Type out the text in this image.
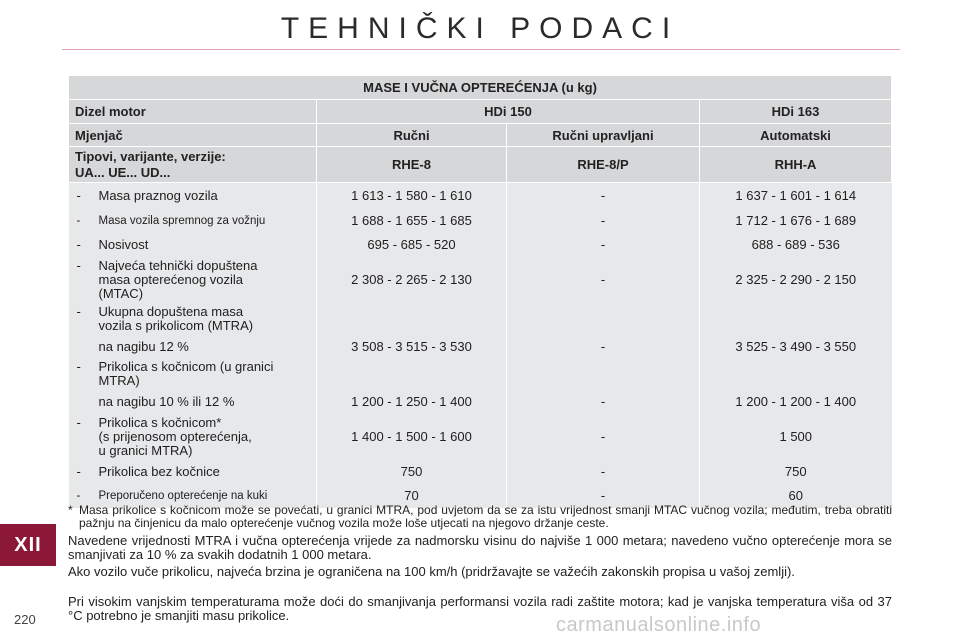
TEHNIČKI PODACI
MASE I VUČNA OPTEREĆENJA (u kg)			
Dizel motor	HDi 150		HDi 163
Mjenjač	Ručni	Ručni upravljani	Automatski

Tipovi, varijante, verzije:
UA... UE... UD...	RHE-8	RHE-8/P	RHH-A

- Masa praznog vozila	1 613 - 1 580 - 1 610	-	1 637 - 1 601 - 1 614

- Masa vozila spremnog za vožnju	1 688 - 1 655 - 1 685	-	1 712 - 1 676 - 1 689

- Nosivost	695 - 685 - 520	-	688 - 689 - 536

- Najveća tehnički dopuštena
masa opterećenog vozila
(MTAC)	2 308 - 2 265 - 2 130	-	2 325 - 2 290 - 2 150

- Ukupna dopuštena masa
vozila s prikolicom (MTRA)			

na nagibu 12 %	3 508 - 3 515 - 3 530	-	3 525 - 3 490 - 3 550

- Prikolica s kočnicom (u granici
MTRA)			

na nagibu 10 % ili 12 %	1 200 - 1 250 - 1 400	-	1 200 - 1 200 - 1 400

- Prikolica s kočnicom*
(s prijenosom opterećenja,
u granici MTRA)	1 400 - 1 500 - 1 600	-	1 500

- Prikolica bez kočnice	750	-	750

- Preporučeno opterećenje na kuki	70	-	60
* Masa prikolice s kočnicom može se povećati, u granici MTRA, pod uvjetom da se za istu vrijednost smanji MTAC vučnog vozila; međutim, treba obratiti pažnju na činjenicu da malo opterećenje vučnog vozila može loše utjecati na njegovo držanje ceste.

Navedene vrijednosti MTRA i vučna opterećenja vrijede za nadmorsku visinu do najviše 1 000 metara; navedeno vučno opterećenje mora se smanjivati za 10 % za svakih dodatnih 1 000 metara.

Ako vozilo vuče prikolicu, najveća brzina je ograničena na 100 km/h (pridržavajte se važećih zakonskih propisa u vašoj zemlji).

Pri visokim vanjskim temperaturama može doći do smanjivanja performansi vozila radi zaštite motora; kad je vanjska temperatura viša od 37 °C potrebno je smanjiti masu prikolice.

XII
220	carmanualsonline.info
